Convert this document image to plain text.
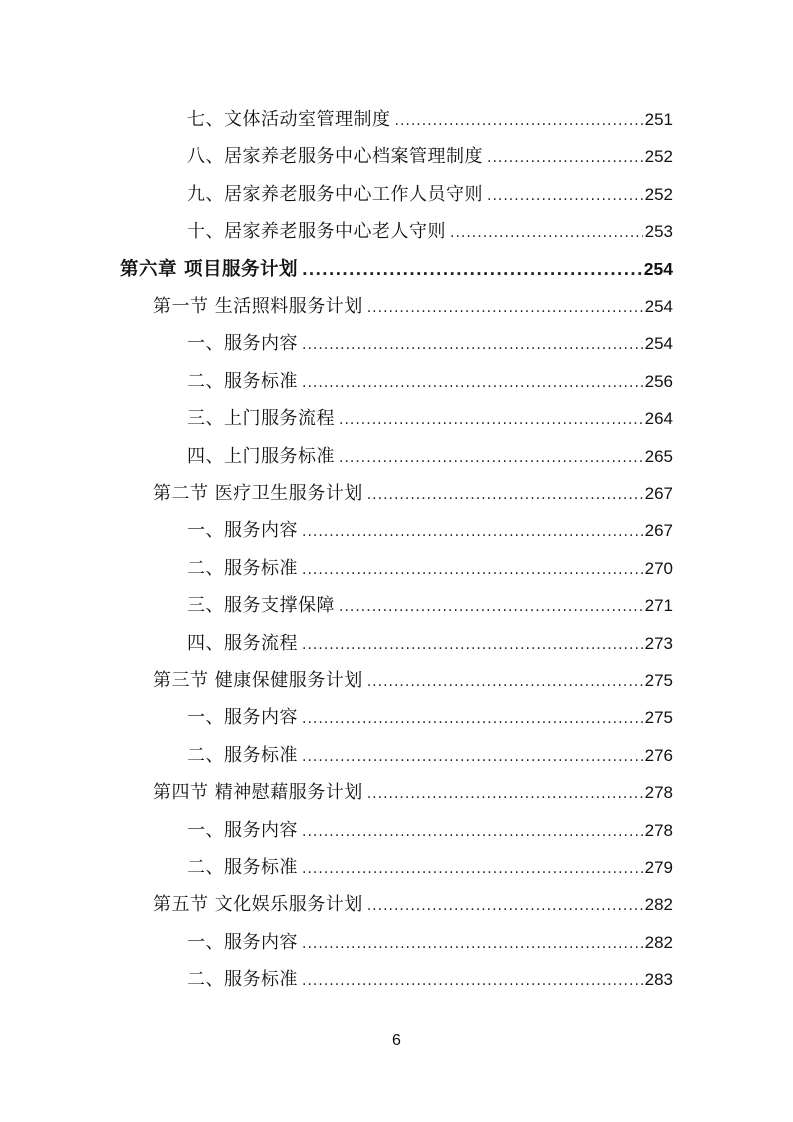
七、文体活动室管理制度 .....	251
八、居家养老服务中心档案管理制度 .....	252
九、居家养老服务中心工作人员守则 .....	252
十、居家养老服务中心老人守则 .....	253
第六章 项目服务计划 .....	254
第一节 生活照料服务计划 .....	254
一、服务内容 .....	254
二、服务标准 .....	256
三、上门服务流程 .....	264
四、上门服务标准 .....	265
第二节 医疗卫生服务计划 .....	267
一、服务内容 .....	267
二、服务标准 .....	270
三、服务支撑保障 .....	271
四、服务流程 .....	273
第三节 健康保健服务计划 .....	275
一、服务内容 .....	275
二、服务标准 .....	276
第四节 精神慰藉服务计划 .....	278
一、服务内容 .....	278
二、服务标准 .....	279
第五节 文化娱乐服务计划 .....	282
一、服务内容 .....	282
二、服务标准 .....	283
6
